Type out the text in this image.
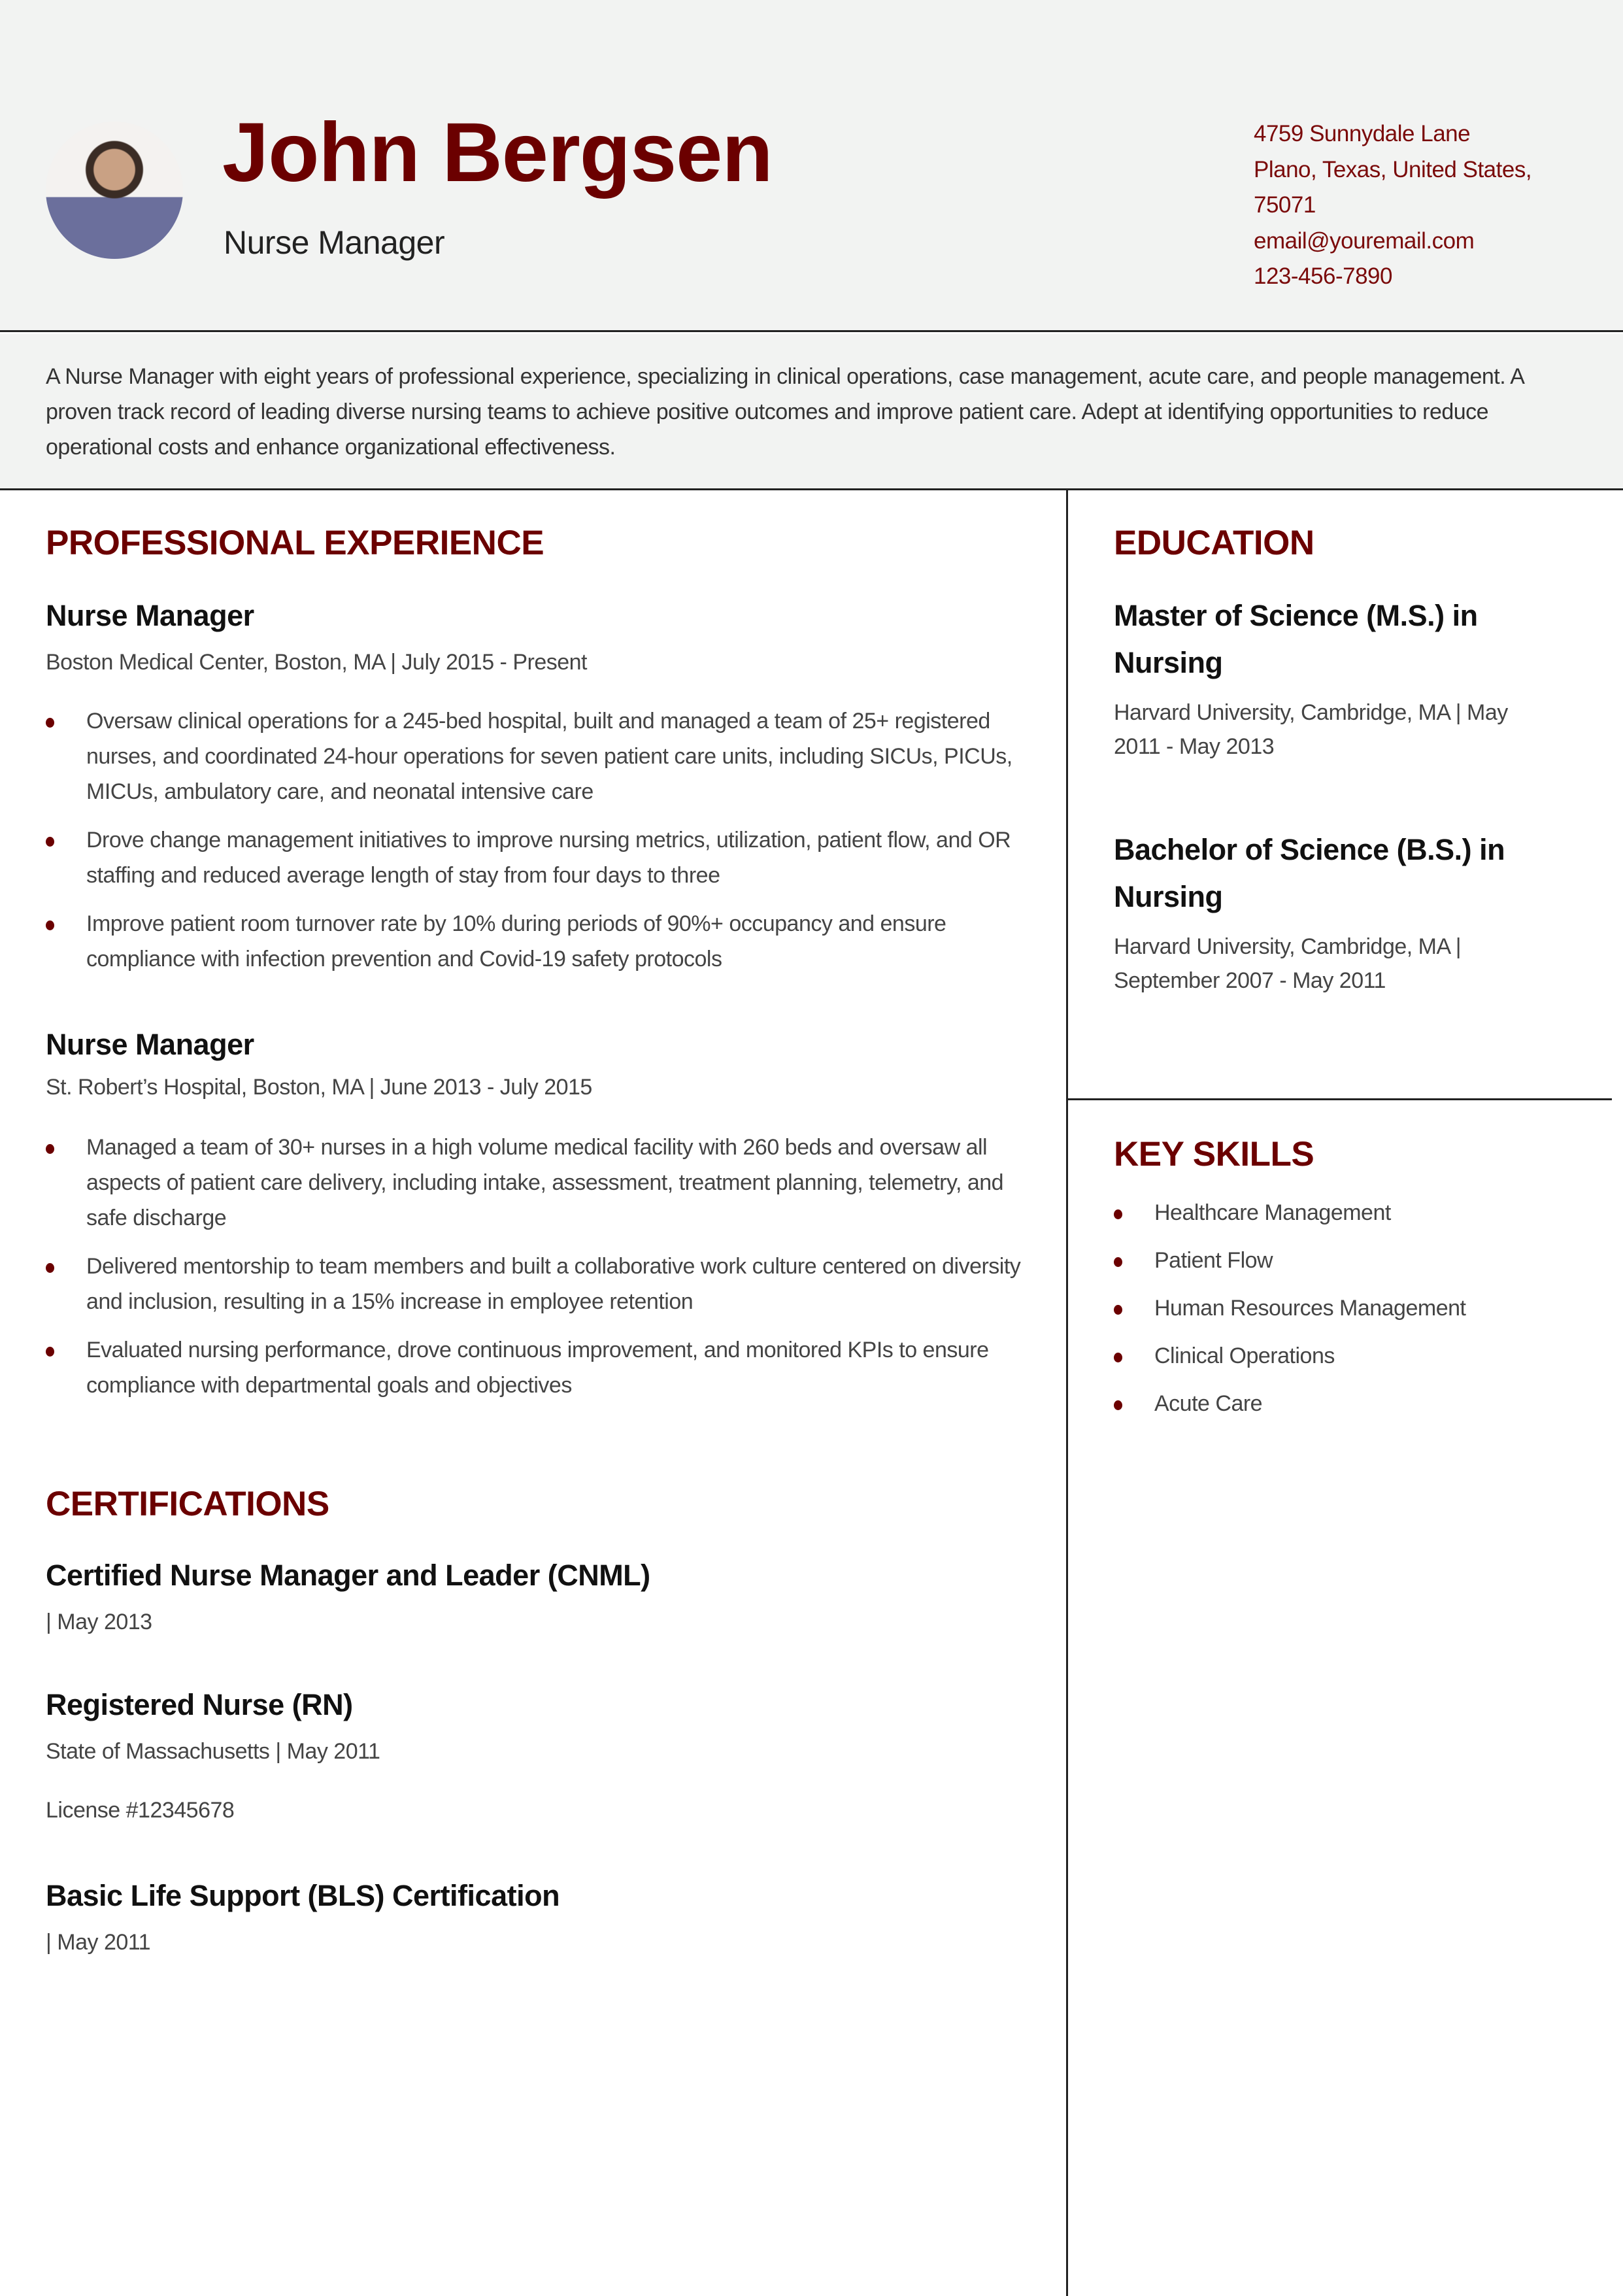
John Bergsen
Nurse Manager
4759 Sunnydale Lane
Plano, Texas, United States,
75071
email@youremail.com
123-456-7890
A Nurse Manager with eight years of professional experience, specializing in clinical operations, case management, acute care, and people management. A proven track record of leading diverse nursing teams to achieve positive outcomes and improve patient care. Adept at identifying opportunities to reduce operational costs and enhance organizational effectiveness.
PROFESSIONAL EXPERIENCE
Nurse Manager
Boston Medical Center, Boston, MA | July 2015 - Present
Oversaw clinical operations for a 245-bed hospital, built and managed a team of 25+ registered nurses, and coordinated 24-hour operations for seven patient care units, including SICUs, PICUs, MICUs, ambulatory care, and neonatal intensive care
Drove change management initiatives to improve nursing metrics, utilization, patient flow, and OR staffing and reduced average length of stay from four days to three
Improve patient room turnover rate by 10% during periods of 90%+ occupancy and ensure compliance with infection prevention and Covid-19 safety protocols
Nurse Manager
St. Robert’s Hospital, Boston, MA | June 2013 - July 2015
Managed a team of 30+ nurses in a high volume medical facility with 260 beds and oversaw all aspects of patient care delivery, including intake, assessment, treatment planning, telemetry, and safe discharge
Delivered mentorship to team members and built a collaborative work culture centered on diversity and inclusion, resulting in a 15% increase in employee retention
Evaluated nursing performance, drove continuous improvement, and monitored KPIs to ensure compliance with departmental goals and objectives
CERTIFICATIONS
Certified Nurse Manager and Leader (CNML)
| May 2013
Registered Nurse (RN)
State of Massachusetts | May 2011
License #12345678
Basic Life Support (BLS) Certification
| May 2011
EDUCATION
Master of Science (M.S.) in Nursing
Harvard University, Cambridge, MA | May 2011 - May 2013
Bachelor of Science (B.S.) in Nursing
Harvard University, Cambridge, MA | September 2007 - May 2011
KEY SKILLS
Healthcare Management
Patient Flow
Human Resources Management
Clinical Operations
Acute Care
